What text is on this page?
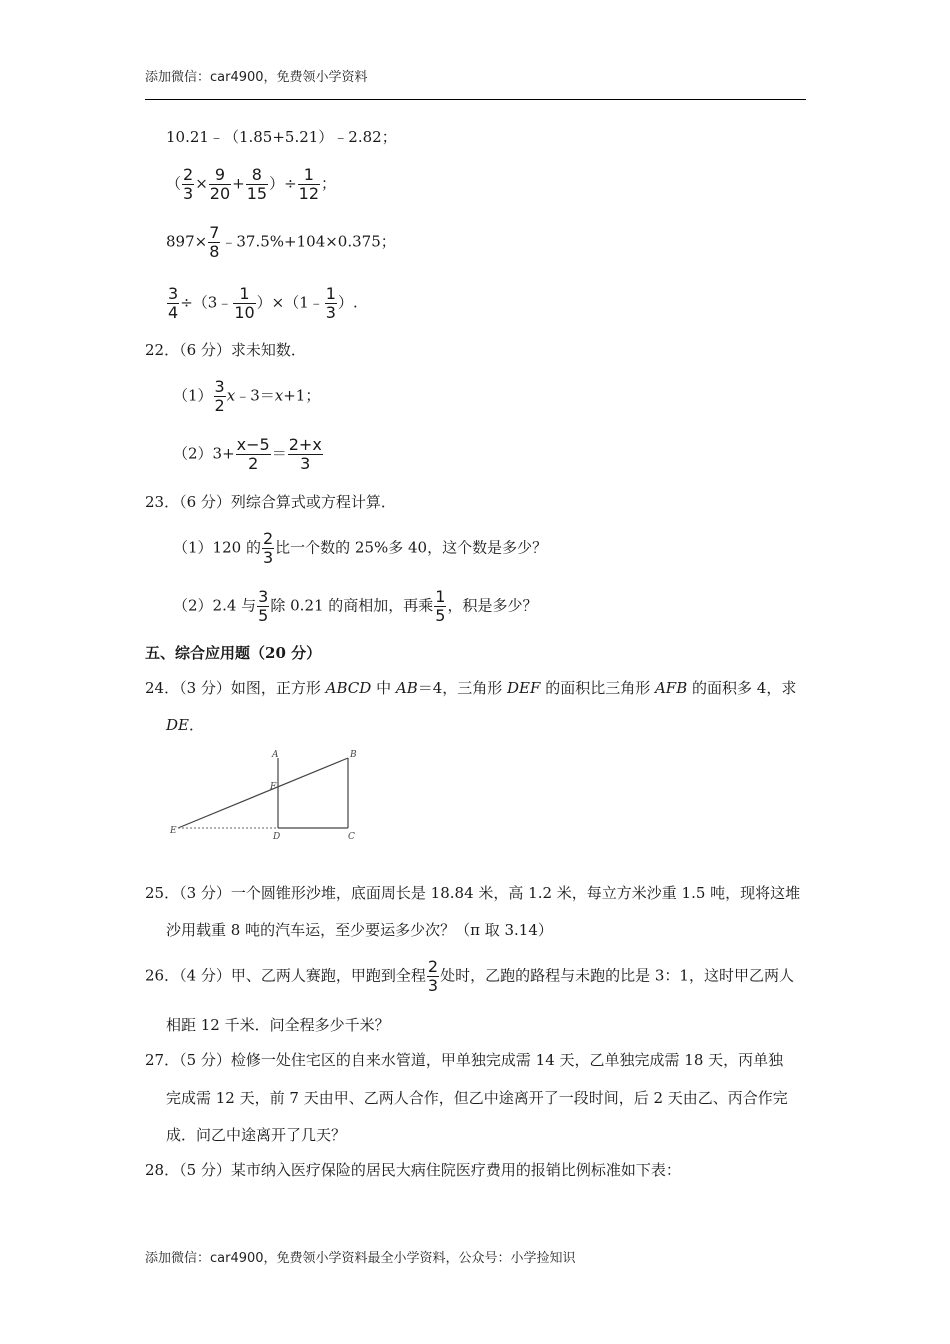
添加微信：car4900，免费领小学资料
10.21﹣（1.85+5.21）﹣2.82；
（ $\frac{2}{3} \times \frac{9}{20} + \frac{8}{15}$ ）÷ $\frac{1}{12}$ ；
$897\times \frac{7}{8}$ ﹣37.5%+104×0.375；
$\frac{3}{4}$ ÷（3﹣ $\frac{1}{10}$ ）×（1﹣ $\frac{1}{3}$ ）.
22．（6 分）求未知数．
$(1) \frac{3}{2}$ x﹣3＝x+1；
$(2)3+ \frac{x-5}{2} = \frac{2+x}{3}$
23．（6 分）列综合算式或方程计算．
（1）120 的 $\frac{2}{3}$ 比一个数的 25%多 40，这个数是多少？
（2）2.4 与 $\frac{3}{5}$ 除 0.21 的商相加，再乘 $\frac{1}{5}$ ，积是多少？
五、综合应用题（20 分）
24．（3 分）如图，正方形 ABCD 中 AB＝4，三角形 DEF 的面积比三角形 AFB 的面积多 4，求
DE．
A	B
F
E
D	C
25．（3 分）一个圆锥形沙堆，底面周长是 18.84 米，高 1.2 米，每立方米沙重 1.5 吨，现将这堆
沙用载重 8 吨的汽车运，至少要运多少次？（π 取 3.14）
26．（4 分）甲、乙两人赛跑，甲跑到全程 $\frac{2}{3}$ 处时，乙跑的路程与未跑的比是 3：1，这时甲乙两人
相距 12 千米．问全程多少千米？
27．（5 分）检修一处住宅区的自来水管道，甲单独完成需 14 天，乙单独完成需 18 天，丙单独
完成需 12 天，前 7 天由甲、乙两人合作，但乙中途离开了一段时间，后 2 天由乙、丙合作完
成．问乙中途离开了几天？
28．（5 分）某市纳入医疗保险的居民大病住院医疗费用的报销比例标准如下表：
添加微信：car4900，免费领小学资料最全小学资料，公众号：小学捡知识
